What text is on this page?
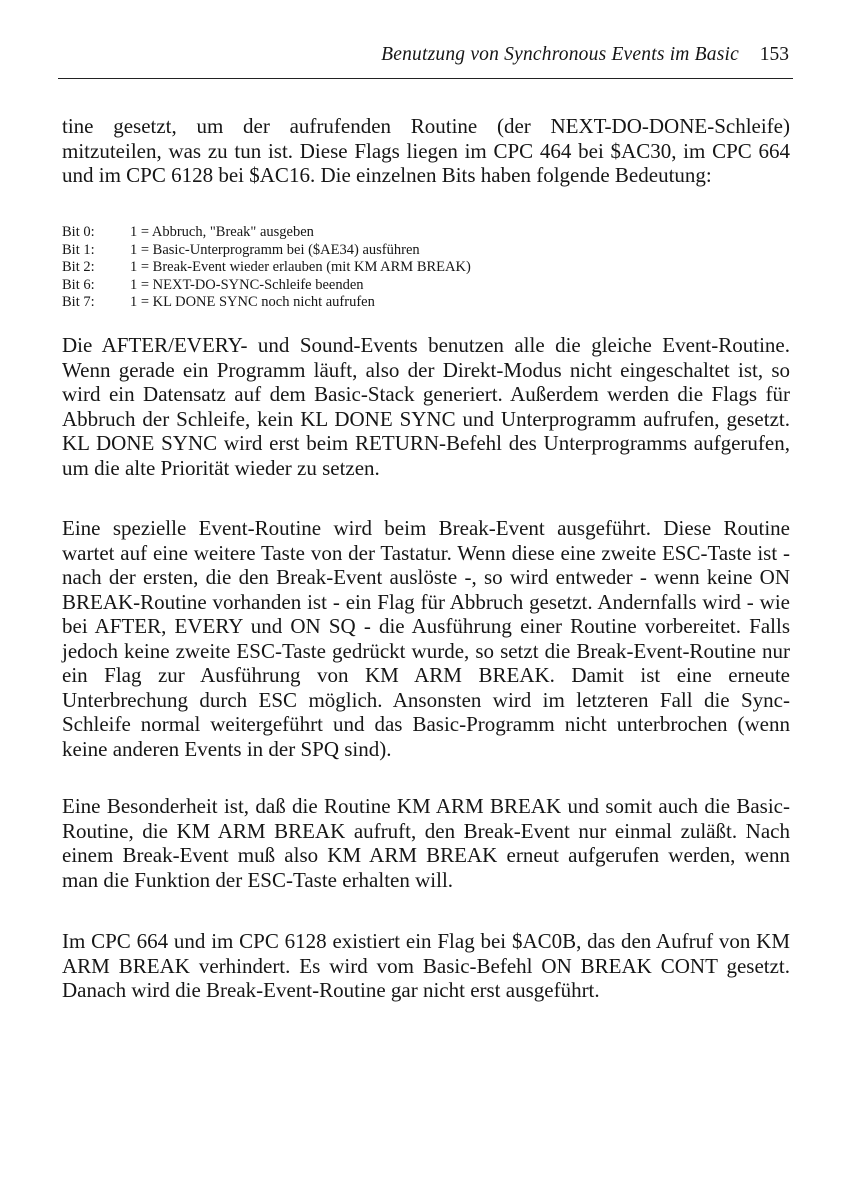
Benutzung von Synchronous Events im Basic 153

tine gesetzt, um der aufrufenden Routine (der NEXT-DO-DONE-Schleife) mitzuteilen, was zu tun ist. Diese Flags liegen im CPC 464 bei $AC30, im CPC 664 und im CPC 6128 bei $AC16. Die einzelnen Bits haben folgende Bedeutung:

Bit 0:	1 = Abbruch, "Break" ausgeben
Bit 1:	1 = Basic-Unterprogramm bei ($AE34) ausführen
Bit 2:	1 = Break-Event wieder erlauben (mit KM ARM BREAK)
Bit 6:	1 = NEXT-DO-SYNC-Schleife beenden
Bit 7:	1 = KL DONE SYNC noch nicht aufrufen

Die AFTER/EVERY- und Sound-Events benutzen alle die gleiche Event-Routine. Wenn gerade ein Programm läuft, also der Direkt-Modus nicht eingeschaltet ist, so wird ein Datensatz auf dem Basic-Stack generiert. Außerdem werden die Flags für Abbruch der Schleife, kein KL DONE SYNC und Unterprogramm aufrufen, gesetzt. KL DONE SYNC wird erst beim RETURN-Befehl des Unterprogramms aufgerufen, um die alte Priorität wieder zu setzen.

Eine spezielle Event-Routine wird beim Break-Event ausgeführt. Diese Routine wartet auf eine weitere Taste von der Tastatur. Wenn diese eine zweite ESC-Taste ist - nach der ersten, die den Break-Event auslöste -, so wird entweder - wenn keine ON BREAK-Routine vorhanden ist - ein Flag für Abbruch gesetzt. Andernfalls wird - wie bei AFTER, EVERY und ON SQ - die Ausführung einer Routine vorbereitet. Falls jedoch keine zweite ESC-Taste gedrückt wurde, so setzt die Break-Event-Routine nur ein Flag zur Ausführung von KM ARM BREAK. Damit ist eine erneute Unterbrechung durch ESC möglich. Ansonsten wird im letzteren Fall die Sync-Schleife normal weitergeführt und das Basic-Programm nicht unterbrochen (wenn keine anderen Events in der SPQ sind).

Eine Besonderheit ist, daß die Routine KM ARM BREAK und somit auch die Basic-Routine, die KM ARM BREAK aufruft, den Break-Event nur einmal zuläßt. Nach einem Break-Event muß also KM ARM BREAK erneut aufgerufen werden, wenn man die Funktion der ESC-Taste erhalten will.

Im CPC 664 und im CPC 6128 existiert ein Flag bei $AC0B, das den Aufruf von KM ARM BREAK verhindert. Es wird vom Basic-Befehl ON BREAK CONT gesetzt. Danach wird die Break-Event-Routine gar nicht erst ausgeführt.
